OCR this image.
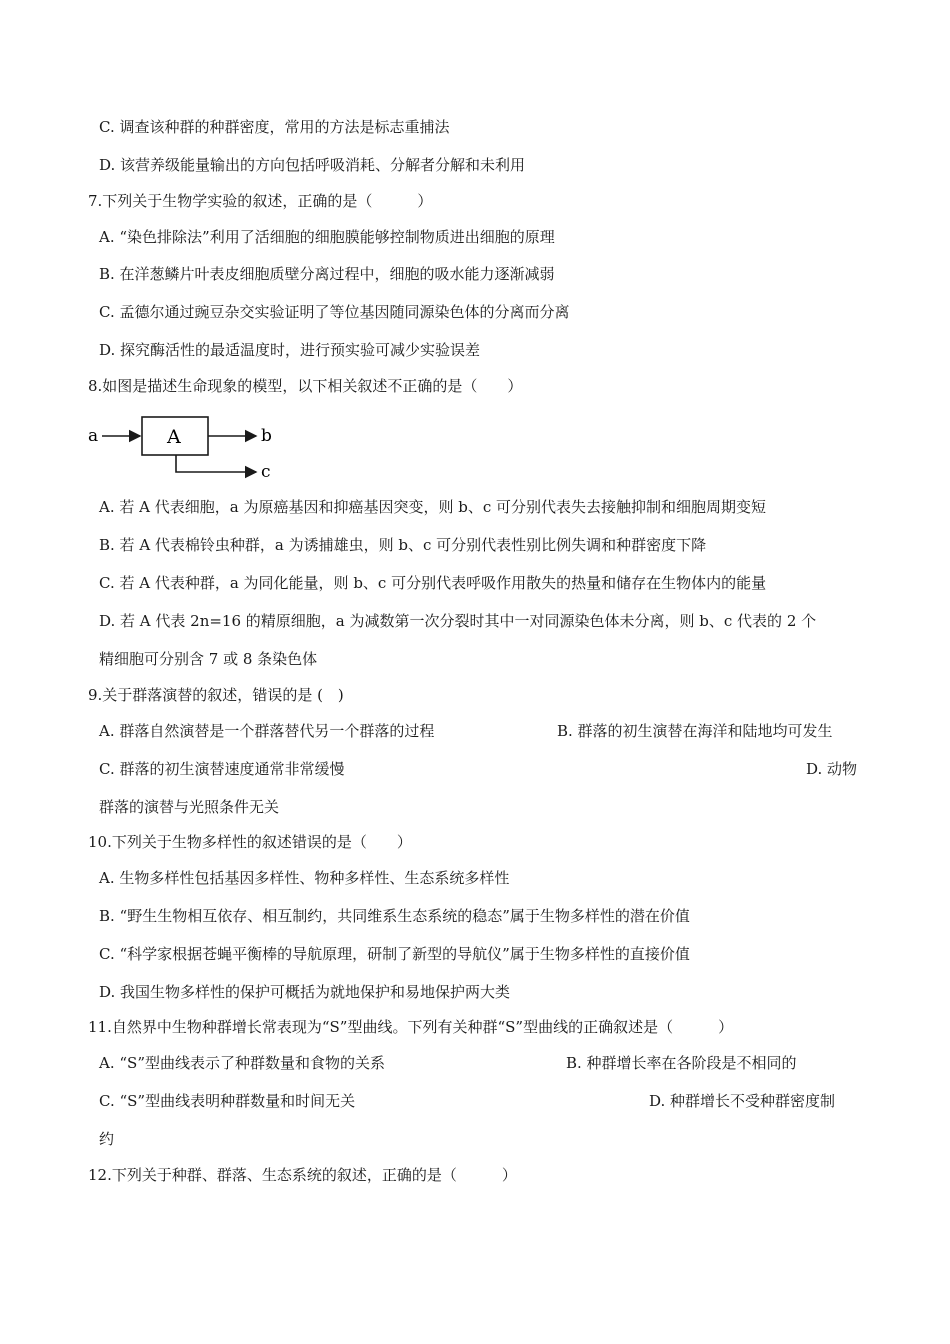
C. 调查该种群的种群密度，常用的方法是标志重捕法
D. 该营养级能量输出的方向包括呼吸消耗、分解者分解和未利用
7.下列关于生物学实验的叙述，正确的是（　　　）
A. “染色排除法”利用了活细胞的细胞膜能够控制物质进出细胞的原理
B. 在洋葱鳞片叶表皮细胞质壁分离过程中，细胞的吸水能力逐渐减弱
C. 孟德尔通过豌豆杂交实验证明了等位基因随同源染色体的分离而分离
D. 探究酶活性的最适温度时，进行预实验可减少实验误差
8.如图是描述生命现象的模型，以下相关叙述不正确的是（　　）
a	A	b
c
A. 若 A 代表细胞，a 为原癌基因和抑癌基因突变，则 b、c 可分别代表失去接触抑制和细胞周期变短
B. 若 A 代表棉铃虫种群，a 为诱捕雄虫，则 b、c 可分别代表性别比例失调和种群密度下降
C. 若 A 代表种群，a 为同化能量，则 b、c 可分别代表呼吸作用散失的热量和储存在生物体内的能量
D. 若 A 代表 2n=16 的精原细胞，a 为减数第一次分裂时其中一对同源染色体未分离，则 b、c 代表的 2 个
精细胞可分别含 7 或 8 条染色体
9.关于群落演替的叙述，错误的是 (　)
A. 群落自然演替是一个群落替代另一个群落的过程	B. 群落的初生演替在海洋和陆地均可发生
C. 群落的初生演替速度通常非常缓慢	D. 动物
群落的演替与光照条件无关
10.下列关于生物多样性的叙述错误的是（　　）
A. 生物多样性包括基因多样性、物种多样性、生态系统多样性
B. “野生生物相互依存、相互制约，共同维系生态系统的稳态”属于生物多样性的潜在价值
C. “科学家根据苍蝇平衡棒的导航原理，研制了新型的导航仪”属于生物多样性的直接价值
D. 我国生物多样性的保护可概括为就地保护和易地保护两大类
11.自然界中生物种群增长常表现为“S”型曲线。下列有关种群“S”型曲线的正确叙述是（　　　）
A. “S”型曲线表示了种群数量和食物的关系	B. 种群增长率在各阶段是不相同的
C. “S”型曲线表明种群数量和时间无关	D. 种群增长不受种群密度制
约
12.下列关于种群、群落、生态系统的叙述，正确的是（　　　）
